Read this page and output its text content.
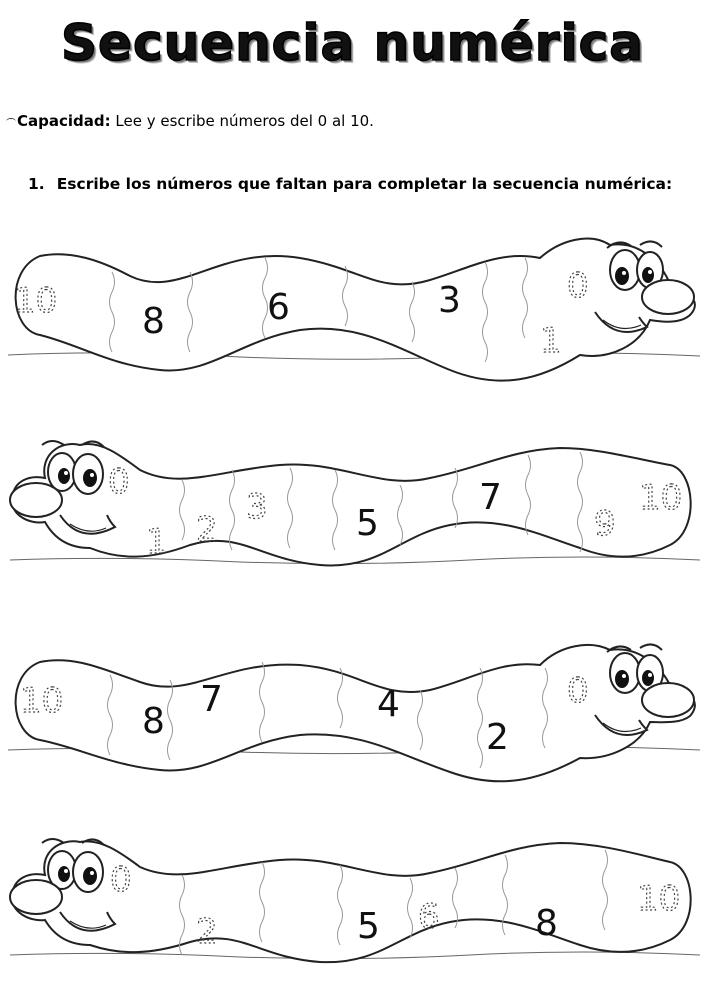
Secuencia numérica
Capacidad: Lee y escribe números del 0 al 10.
1. Escribe los números que faltan para completar la secuencia numérica:
10 8	6	3	0
1
0
1 2
3 5
7
9
10
10 8
7	4
2
0
0
2	5 6	8
10
